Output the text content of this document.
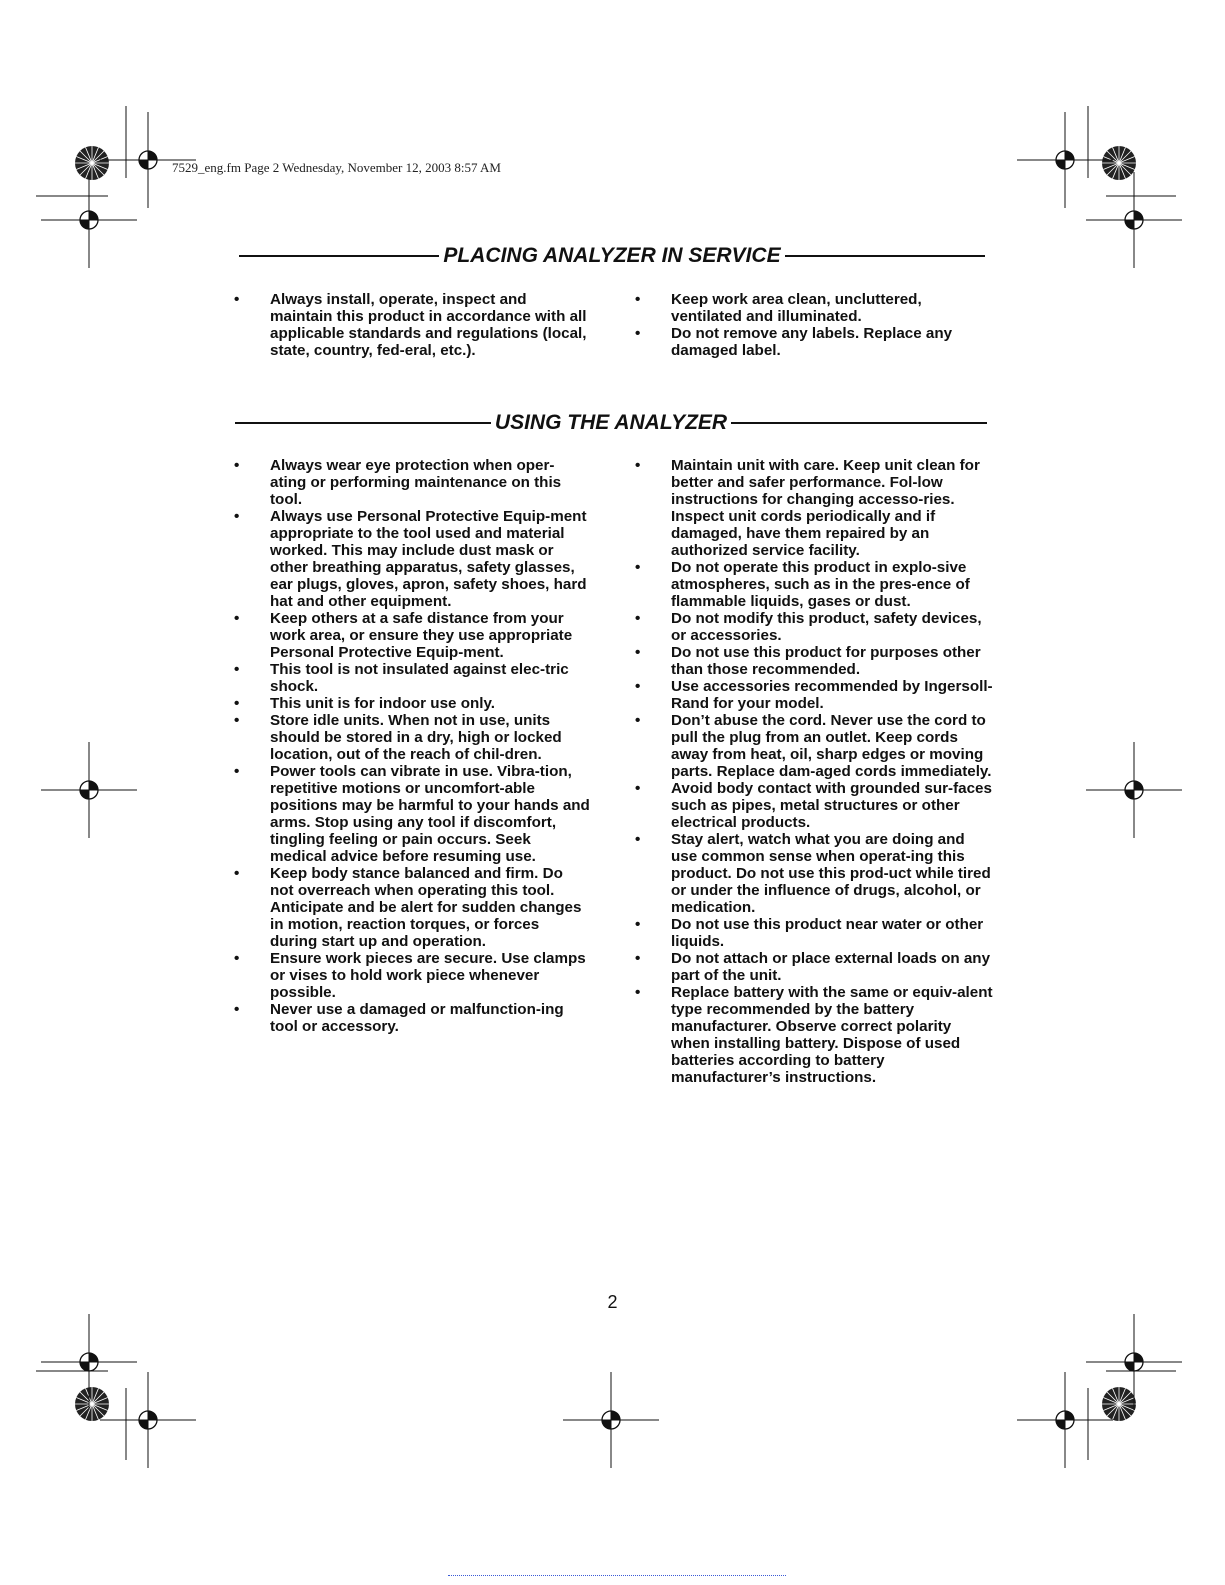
7529_eng.fm Page 2 Wednesday, November 12, 2003 8:57 AM
PLACING ANALYZER IN SERVICE
• Always install, operate, inspect and maintain this product in accordance with all applicable standards and regulations (local, state, country, fed-eral, etc.).
• Keep work area clean, uncluttered, ventilated and illuminated.
• Do not remove any labels. Replace any damaged label.
USING THE ANALYZER
• Always wear eye protection when oper-ating or performing maintenance on this tool.
• Always use Personal Protective Equip-ment appropriate to the tool used and material worked. This may include dust mask or other breathing apparatus, safety glasses, ear plugs, gloves, apron, safety shoes, hard hat and other equipment.
• Keep others at a safe distance from your work area, or ensure they use appropriate Personal Protective Equip-ment.
• This tool is not insulated against elec-tric shock.
• This unit is for indoor use only.
• Store idle units. When not in use, units should be stored in a dry, high or locked location, out of the reach of chil-dren.
• Power tools can vibrate in use. Vibra-tion, repetitive motions or uncomfort-able positions may be harmful to your hands and arms. Stop using any tool if discomfort, tingling feeling or pain occurs. Seek medical advice before resuming use.
• Keep body stance balanced and firm. Do not overreach when operating this tool. Anticipate and be alert for sudden changes in motion, reaction torques, or forces during start up and operation.
• Ensure work pieces are secure. Use clamps or vises to hold work piece whenever possible.
• Never use a damaged or malfunction-ing tool or accessory.
• Maintain unit with care. Keep unit clean for better and safer performance. Fol-low instructions for changing accesso-ries. Inspect unit cords periodically and if damaged, have them repaired by an authorized service facility.
• Do not operate this product in explo-sive atmospheres, such as in the pres-ence of flammable liquids, gases or dust.
• Do not modify this product, safety devices, or accessories.
• Do not use this product for purposes other than those recommended.
• Use accessories recommended by Ingersoll-Rand for your model.
• Don’t abuse the cord. Never use the cord to pull the plug from an outlet. Keep cords away from heat, oil, sharp edges or moving parts. Replace dam-aged cords immediately.
• Avoid body contact with grounded sur-faces such as pipes, metal structures or other electrical products.
• Stay alert, watch what you are doing and use common sense when operat-ing this product. Do not use this prod-uct while tired or under the influence of drugs, alcohol, or medication.
• Do not use this product near water or other liquids.
• Do not attach or place external loads on any part of the unit.
• Replace battery with the same or equiv-alent type recommended by the battery manufacturer. Observe correct polarity when installing battery. Dispose of used batteries according to battery manufacturer’s instructions.
2
